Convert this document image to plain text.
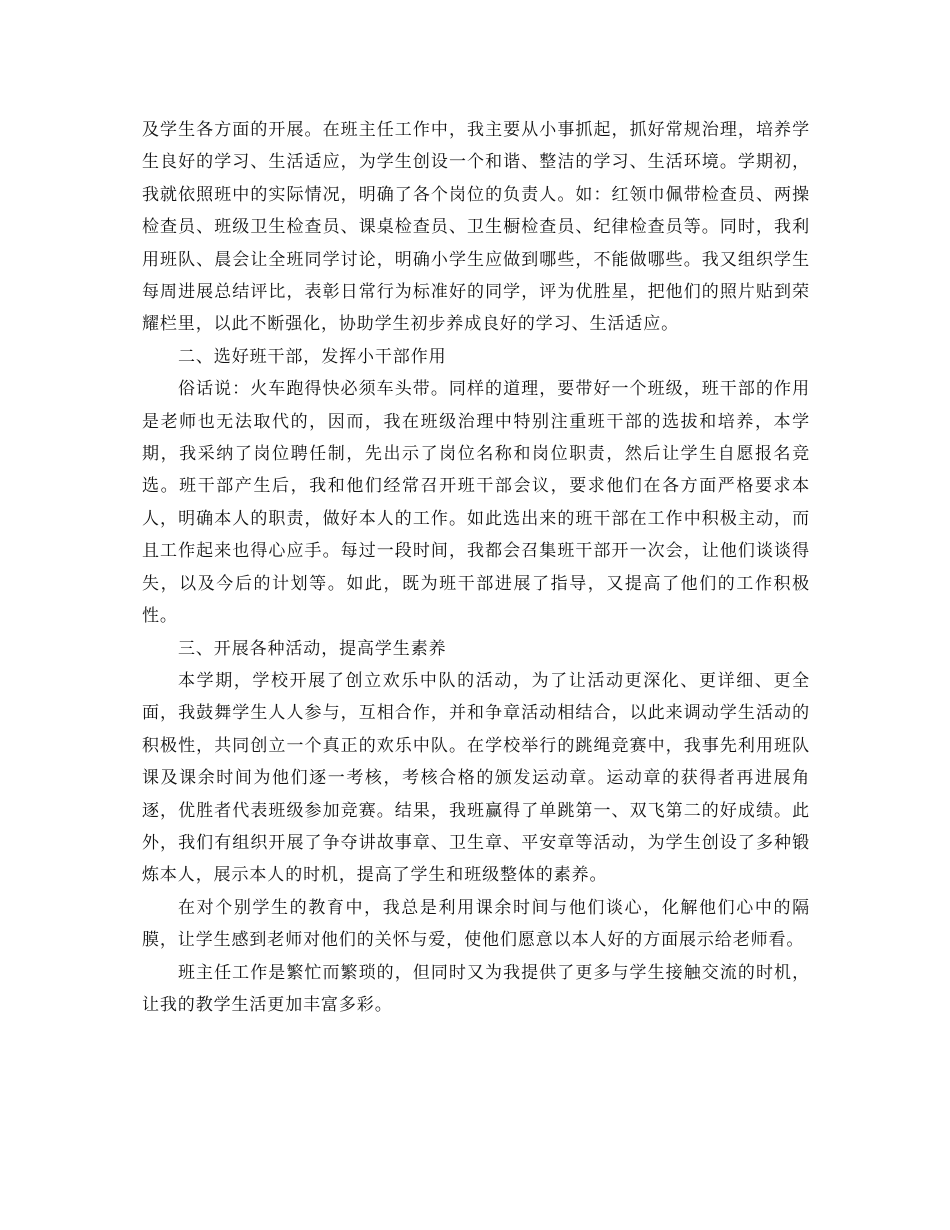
及学生各方面的开展。在班主任工作中，我主要从小事抓起，抓好常规治理，培养学生良好的学习、生活适应，为学生创设一个和谐、整洁的学习、生活环境。学期初，我就依照班中的实际情况，明确了各个岗位的负责人。如：红领巾佩带检查员、两操检查员、班级卫生检查员、课桌检查员、卫生橱检查员、纪律检查员等。同时，我利用班队、晨会让全班同学讨论，明确小学生应做到哪些，不能做哪些。我又组织学生每周进展总结评比，表彰日常行为标准好的同学，评为优胜星，把他们的照片贴到荣耀栏里，以此不断强化，协助学生初步养成良好的学习、生活适应。

二、选好班干部，发挥小干部作用

俗话说：火车跑得快必须车头带。同样的道理，要带好一个班级，班干部的作用是老师也无法取代的，因而，我在班级治理中特别注重班干部的选拔和培养，本学期，我采纳了岗位聘任制，先出示了岗位名称和岗位职责，然后让学生自愿报名竞选。班干部产生后，我和他们经常召开班干部会议，要求他们在各方面严格要求本人，明确本人的职责，做好本人的工作。如此选出来的班干部在工作中积极主动，而且工作起来也得心应手。每过一段时间，我都会召集班干部开一次会，让他们谈谈得失，以及今后的计划等。如此，既为班干部进展了指导，又提高了他们的工作积极性。

三、开展各种活动，提高学生素养

本学期，学校开展了创立欢乐中队的活动，为了让活动更深化、更详细、更全面，我鼓舞学生人人参与，互相合作，并和争章活动相结合，以此来调动学生活动的积极性，共同创立一个真正的欢乐中队。在学校举行的跳绳竞赛中，我事先利用班队课及课余时间为他们逐一考核，考核合格的颁发运动章。运动章的获得者再进展角逐，优胜者代表班级参加竞赛。结果，我班赢得了单跳第一、双飞第二的好成绩。此外，我们有组织开展了争夺讲故事章、卫生章、平安章等活动，为学生创设了多种锻炼本人，展示本人的时机，提高了学生和班级整体的素养。

在对个别学生的教育中，我总是利用课余时间与他们谈心，化解他们心中的隔膜，让学生感到老师对他们的关怀与爱，使他们愿意以本人好的方面展示给老师看。

班主任工作是繁忙而繁琐的，但同时又为我提供了更多与学生接触交流的时机，让我的教学生活更加丰富多彩。
